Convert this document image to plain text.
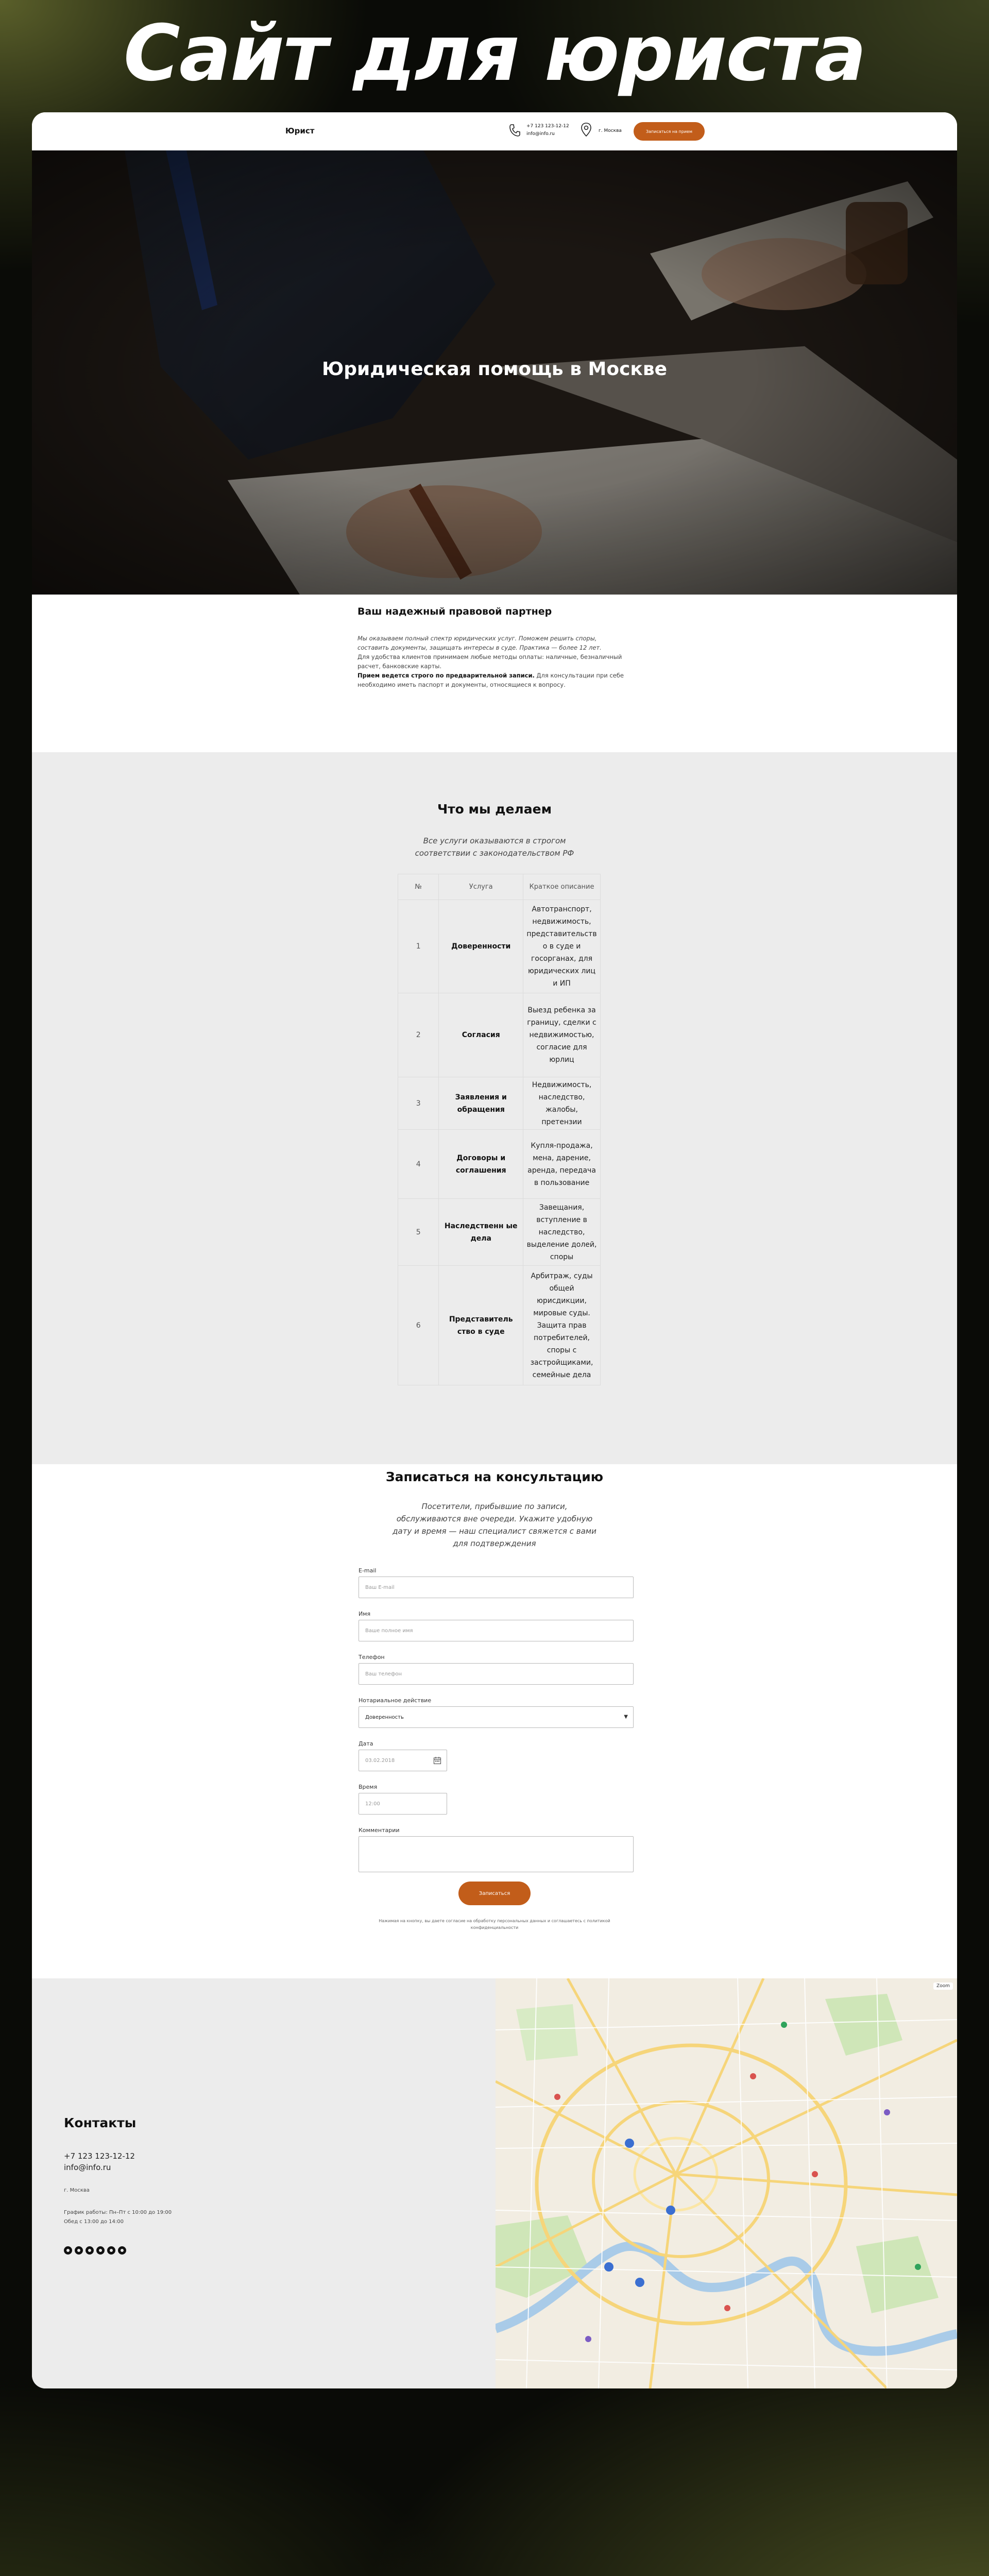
Сайт для юриста
Юрист	+7 123 123-12-12
info@info.ru
г. Москва	Записаться на прием
Юридическая помощь в Москве
Ваш надежный правовой партнер

Мы оказываем полный спектр юридических услуг. Поможем решить споры, составить документы, защищать интересы в суде. Практика — более 12 лет.

Для удобства клиентов принимаем любые методы оплаты: наличные, безналичный расчет, банковские карты.

Прием ведется строго по предварительной записи. Для консультации при себе необходимо иметь паспорт и документы, относящиеся к вопросу.

Что мы делаем
Все услуги оказываются в строгом соответствии с законодательством РФ
№	Услуга	Краткое описание
1	Доверенности	Автотранспорт, недвижимость, представительств о в суде и госорганах, для юридических лиц и ИП
2	Согласия	Выезд ребенка за границу, сделки с недвижимостью, согласие для юрлиц
3	Заявления и обращения	Недвижимость, наследство, жалобы, претензии
4	Договоры и соглашения	Купля-продажа, мена, дарение, аренда, передача в пользование
5	Наследственн ые дела	Завещания, вступление в наследство, выделение долей, споры
6	Представитель ство в суде	Арбитраж, суды общей юрисдикции, мировые суды. Защита прав потребителей, споры с застройщиками, семейные дела
Записаться на консультацию
Посетители, прибывшие по записи, обслуживаются вне очереди. Укажите удобную дату и время — наш специалист свяжется с вами для подтверждения
E-mail
Ваш E-mail
Имя
Ваше полное имя
Телефон
Ваш телефон
Нотариальное действие
Доверенность	▼
Дата
03.02.2018
Время
12:00
Комментарии
Записаться
Нажимая на кнопку, вы даете согласие на обработку персональных данных и соглашаетесь c политикой конфиденциальности
Контакты
+7 123 123-12-12
info@info.ru
г. Москва
График работы: Пн–Пт с 10:00 до 19:00
Обед с 13:00 до 14:00
Zoom
